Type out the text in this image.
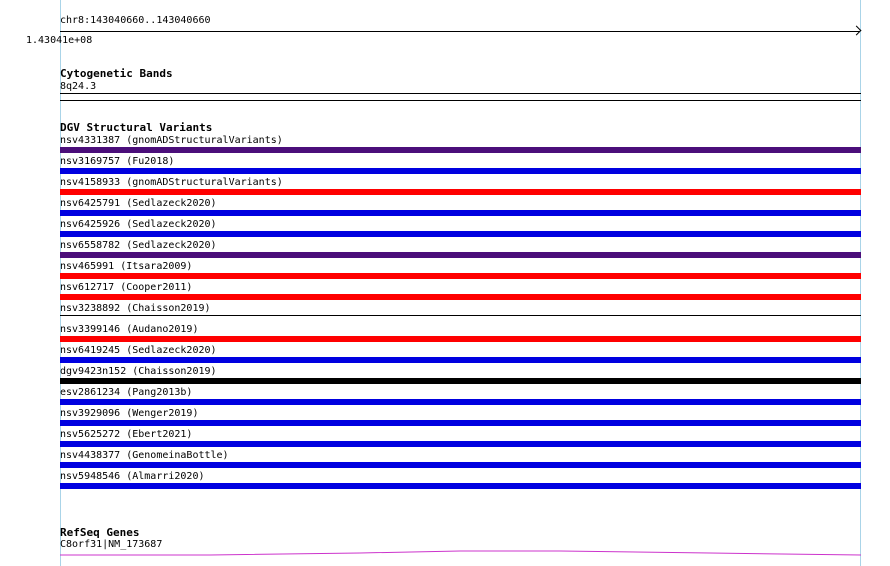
chr8:143040660..143040660
1.43041e+08
Cytogenetic Bands
8q24.3
DGV Structural Variants
nsv4331387 (gnomADStructuralVariants)
nsv3169757 (Fu2018)
nsv4158933 (gnomADStructuralVariants)
nsv6425791 (Sedlazeck2020)
nsv6425926 (Sedlazeck2020)
nsv6558782 (Sedlazeck2020)
nsv465991 (Itsara2009)
nsv612717 (Cooper2011)
nsv3238892 (Chaisson2019)
nsv3399146 (Audano2019)
nsv6419245 (Sedlazeck2020)
dgv9423n152 (Chaisson2019)
esv2861234 (Pang2013b)
nsv3929096 (Wenger2019)
nsv5625272 (Ebert2021)
nsv4438377 (GenomeinaBottle)
nsv5948546 (Almarri2020)
RefSeq Genes
C8orf31|NM_173687
